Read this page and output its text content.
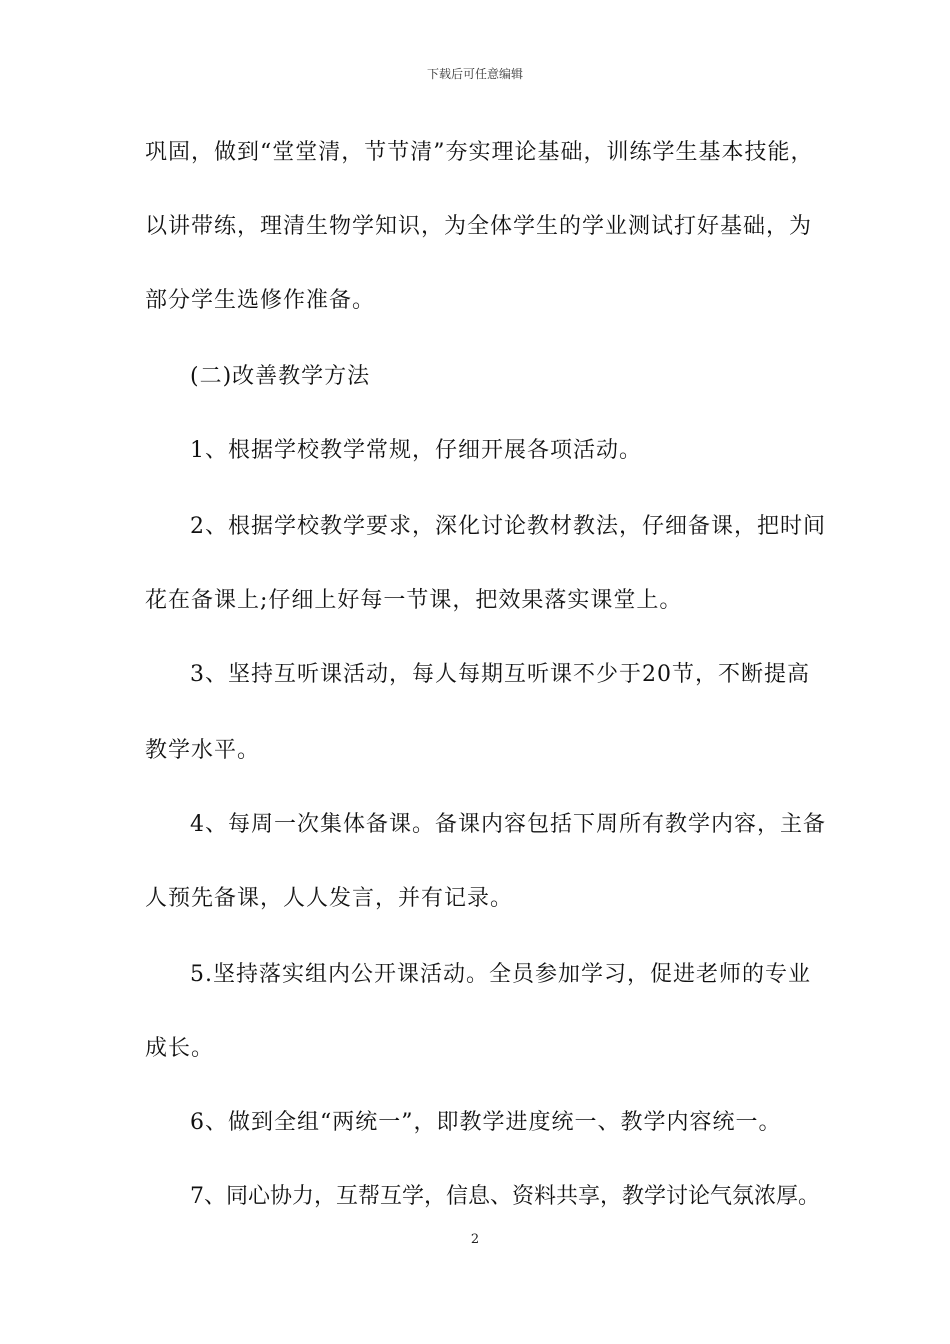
下载后可任意编辑
巩固，做到“堂堂清，节节清”夯实理论基础，训练学生基本技能，
以讲带练，理清生物学知识，为全体学生的学业测试打好基础，为
部分学生选修作准备。
(二)改善教学方法
1、根据学校教学常规，仔细开展各项活动。
2、根据学校教学要求，深化讨论教材教法，仔细备课，把时间
花在备课上;仔细上好每一节课，把效果落实课堂上。
3、坚持互听课活动，每人每期互听课不少于20节，不断提高
教学水平。
4、每周一次集体备课。备课内容包括下周所有教学内容，主备
人预先备课，人人发言，并有记录。
5.坚持落实组内公开课活动。全员参加学习，促进老师的专业
成长。
6、做到全组“两统一”，即教学进度统一、教学内容统一。
7、同心协力，互帮互学，信息、资料共享，教学讨论气氛浓厚。
2
